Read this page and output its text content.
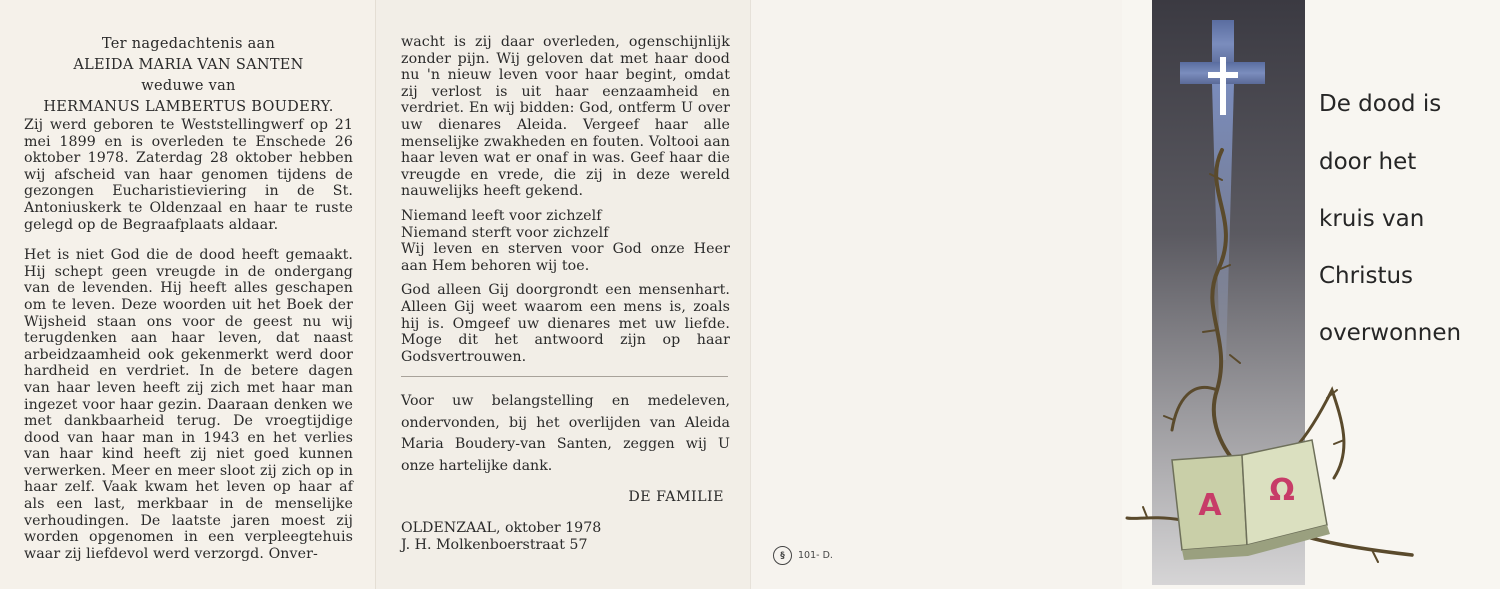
Ter nagedachtenis aan
ALEIDA MARIA VAN SANTEN
weduwe van
HERMANUS LAMBERTUS BOUDERY.

Zij werd geboren te Weststellingwerf op 21 mei 1899 en is overleden te Enschede 26 oktober 1978. Zaterdag 28 oktober hebben wij afscheid van haar genomen tijdens de gezongen Eucharistieviering in de St. Antoniuskerk te Oldenzaal en haar te ruste gelegd op de Begraafplaats aldaar.

Het is niet God die de dood heeft gemaakt. Hij schept geen vreugde in de ondergang van de levenden. Hij heeft alles geschapen om te leven. Deze woorden uit het Boek der Wijsheid staan ons voor de geest nu wij terugdenken aan haar leven, dat naast arbeidzaamheid ook gekenmerkt werd door hardheid en verdriet. In de betere dagen van haar leven heeft zij zich met haar man ingezet voor haar gezin. Daaraan denken we met dankbaarheid terug. De vroegtijdige dood van haar man in 1943 en het verlies van haar kind heeft zij niet goed kunnen verwerken. Meer en meer sloot zij zich op in haar zelf. Vaak kwam het leven op haar af als een last, merkbaar in de menselijke verhoudingen. De laatste jaren moest zij worden opgenomen in een verpleegtehuis waar zij liefdevol werd verzorgd. Onver-

wacht is zij daar overleden, ogenschijnlijk zonder pijn. Wij geloven dat met haar dood nu 'n nieuw leven voor haar begint, omdat zij verlost is uit haar eenzaamheid en verdriet. En wij bidden: God, ontferm U over uw dienares Aleida. Vergeef haar alle menselijke zwakheden en fouten. Voltooi aan haar leven wat er onaf in was. Geef haar die vreugde en vrede, die zij in deze wereld nauwelijks heeft gekend.

Niemand leeft voor zichzelf
Niemand sterft voor zichzelf
Wij leven en sterven voor God onze Heer aan Hem behoren wij toe.

God alleen Gij doorgrondt een mensenhart. Alleen Gij weet waarom een mens is, zoals hij is. Omgeef uw dienares met uw liefde. Moge dit het antwoord zijn op haar Godsvertrouwen.

Voor uw belangstelling en medeleven, ondervonden, bij het overlijden van Aleida Maria Boudery-van Santen, zeggen wij U onze hartelijke dank.

DE FAMILIE
OLDENZAAL, oktober 1978
J. H. Molkenboerstraat 57
§	101- D.
A Ω

De dood is

door het

kruis van

Christus

overwonnen
